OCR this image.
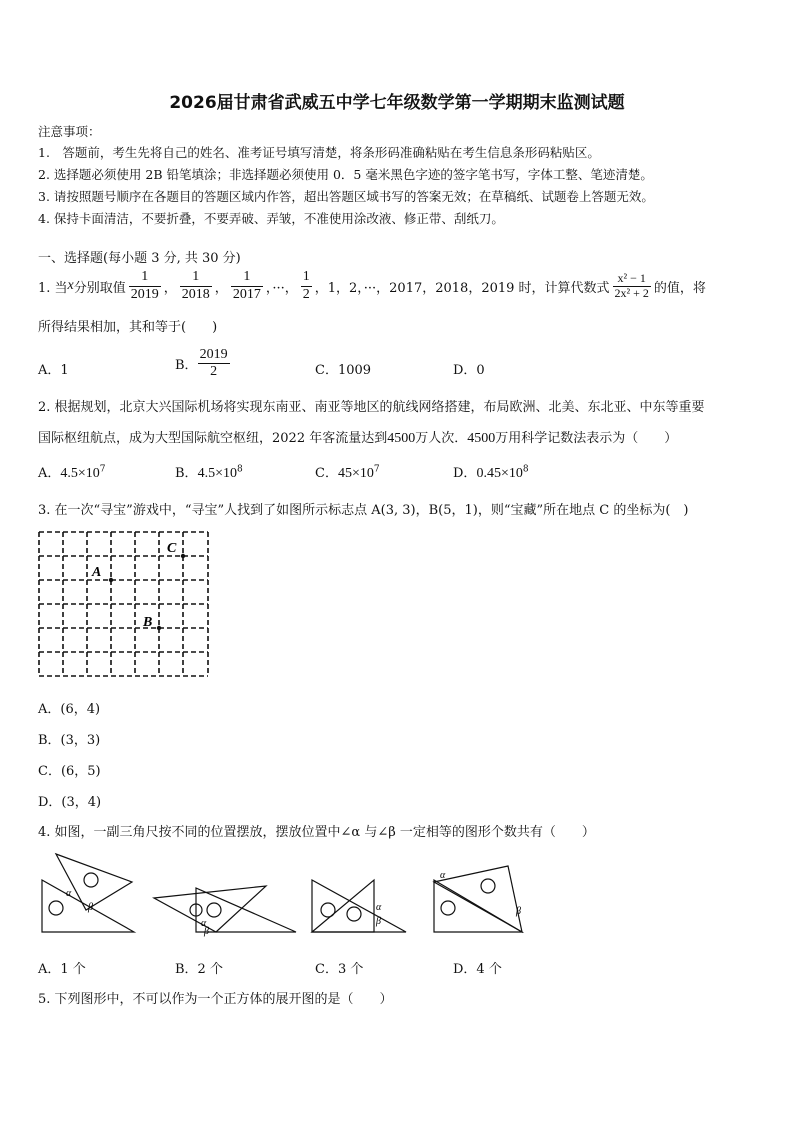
2026届甘肃省武威五中学七年级数学第一学期期末监测试题
注意事项：
1.　答题前，考生先将自己的姓名、准考证号填写清楚，将条形码准确粘贴在考生信息条形码粘贴区。
2. 选择题必须使用 2B 铅笔填涂；非选择题必须使用 0．5 毫米黑色字迹的签字笔书写，字体工整、笔迹清楚。
3. 请按照题号顺序在各题目的答题区域内作答，超出答题区域书写的答案无效；在草稿纸、试题卷上答题无效。
4. 保持卡面清洁，不要折叠，不要弄破、弄皱，不准使用涂改液、修正带、刮纸刀。
一、选择题(每小题 3 分, 共 30 分)
1. 当 x 分别取值 $\frac{1}{2019}$ ， $\frac{1}{2018}$ ， $\frac{1}{2017}$ ，···， $\frac{1}{2}$ ，1，2，···，2017，2018，2019 时，计算代数式 $\frac{\text{x² − 1}}{\text{2x² + 2}}$ 的值，将
所得结果相加，其和等于(　　)
A．1	B． $\frac{2019}{2}$	C．1009	D．0
2. 根据规划，北京大兴国际机场将实现东南亚、南亚等地区的航线网络搭建，布局欧洲、北美、东北亚、中东等重要
国际枢纽航点，成为大型国际航空枢纽，2022 年客流量达到4500万人次．4500万用科学记数法表示为（　　）
A．$4.5\times 10^7$	B．$4.5\times 10^8$	C．$45\times 10^7$	D．$0.45\times 10^8$
3. 在一次“寻宝”游戏中，“寻宝”人找到了如图所示标志点 A(3, 3)，B(5，1)，则“宝藏”所在地点 C 的坐标为(　)
A
B
C
A．(6，4)
B．(3，3)
C．(6，5)
D．(3，4)
4. 如图，一副三角尺按不同的位置摆放，摆放位置中∠α 与∠β 一定相等的图形个数共有（　　）
α
β
α
β
α
β
α
β
A．1 个	B．2 个	C．3 个	D．4 个
5. 下列图形中，不可以作为一个正方体的展开图的是（　　）
